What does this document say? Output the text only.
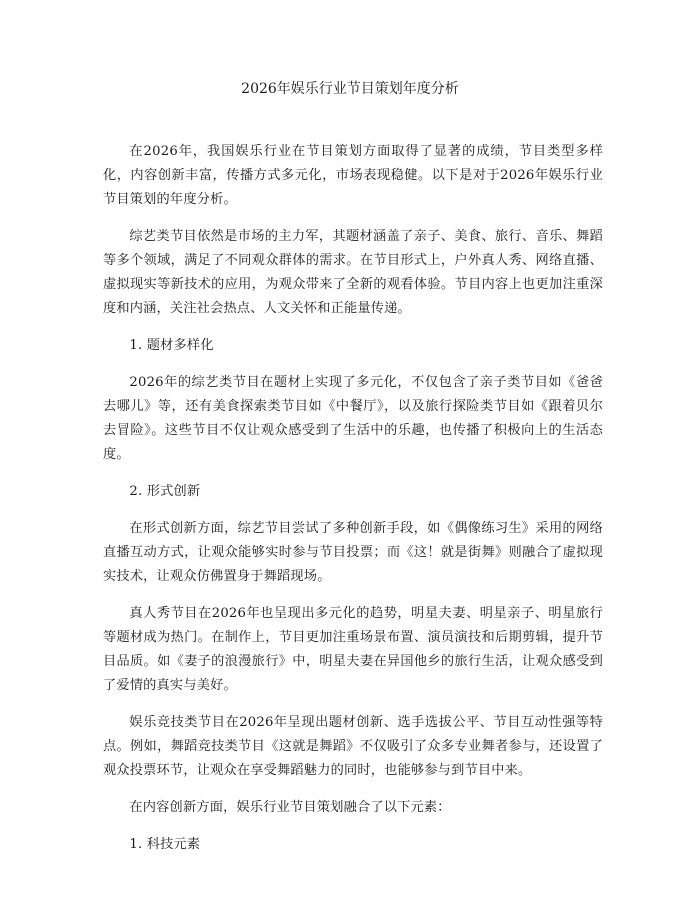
2026年娱乐行业节目策划年度分析

在2026年，我国娱乐行业在节目策划方面取得了显著的成绩，节目类型多样化，内容创新丰富，传播方式多元化，市场表现稳健。以下是对于2026年娱乐行业节目策划的年度分析。

综艺类节目依然是市场的主力军，其题材涵盖了亲子、美食、旅行、音乐、舞蹈等多个领域，满足了不同观众群体的需求。在节目形式上，户外真人秀、网络直播、虚拟现实等新技术的应用，为观众带来了全新的观看体验。节目内容上也更加注重深度和内涵，关注社会热点、人文关怀和正能量传递。

1. 题材多样化

2026年的综艺类节目在题材上实现了多元化，不仅包含了亲子类节目如《爸爸去哪儿》等，还有美食探索类节目如《中餐厅》，以及旅行探险类节目如《跟着贝尔去冒险》。这些节目不仅让观众感受到了生活中的乐趣，也传播了积极向上的生活态度。

2. 形式创新

在形式创新方面，综艺节目尝试了多种创新手段，如《偶像练习生》采用的网络直播互动方式，让观众能够实时参与节目投票；而《这！就是街舞》则融合了虚拟现实技术，让观众仿佛置身于舞蹈现场。

真人秀节目在2026年也呈现出多元化的趋势，明星夫妻、明星亲子、明星旅行等题材成为热门。在制作上，节目更加注重场景布置、演员演技和后期剪辑，提升节目品质。如《妻子的浪漫旅行》中，明星夫妻在异国他乡的旅行生活，让观众感受到了爱情的真实与美好。

娱乐竞技类节目在2026年呈现出题材创新、选手选拔公平、节目互动性强等特点。例如，舞蹈竞技类节目《这就是舞蹈》不仅吸引了众多专业舞者参与，还设置了观众投票环节，让观众在享受舞蹈魅力的同时，也能够参与到节目中来。

在内容创新方面，娱乐行业节目策划融合了以下元素：

1. 科技元素
